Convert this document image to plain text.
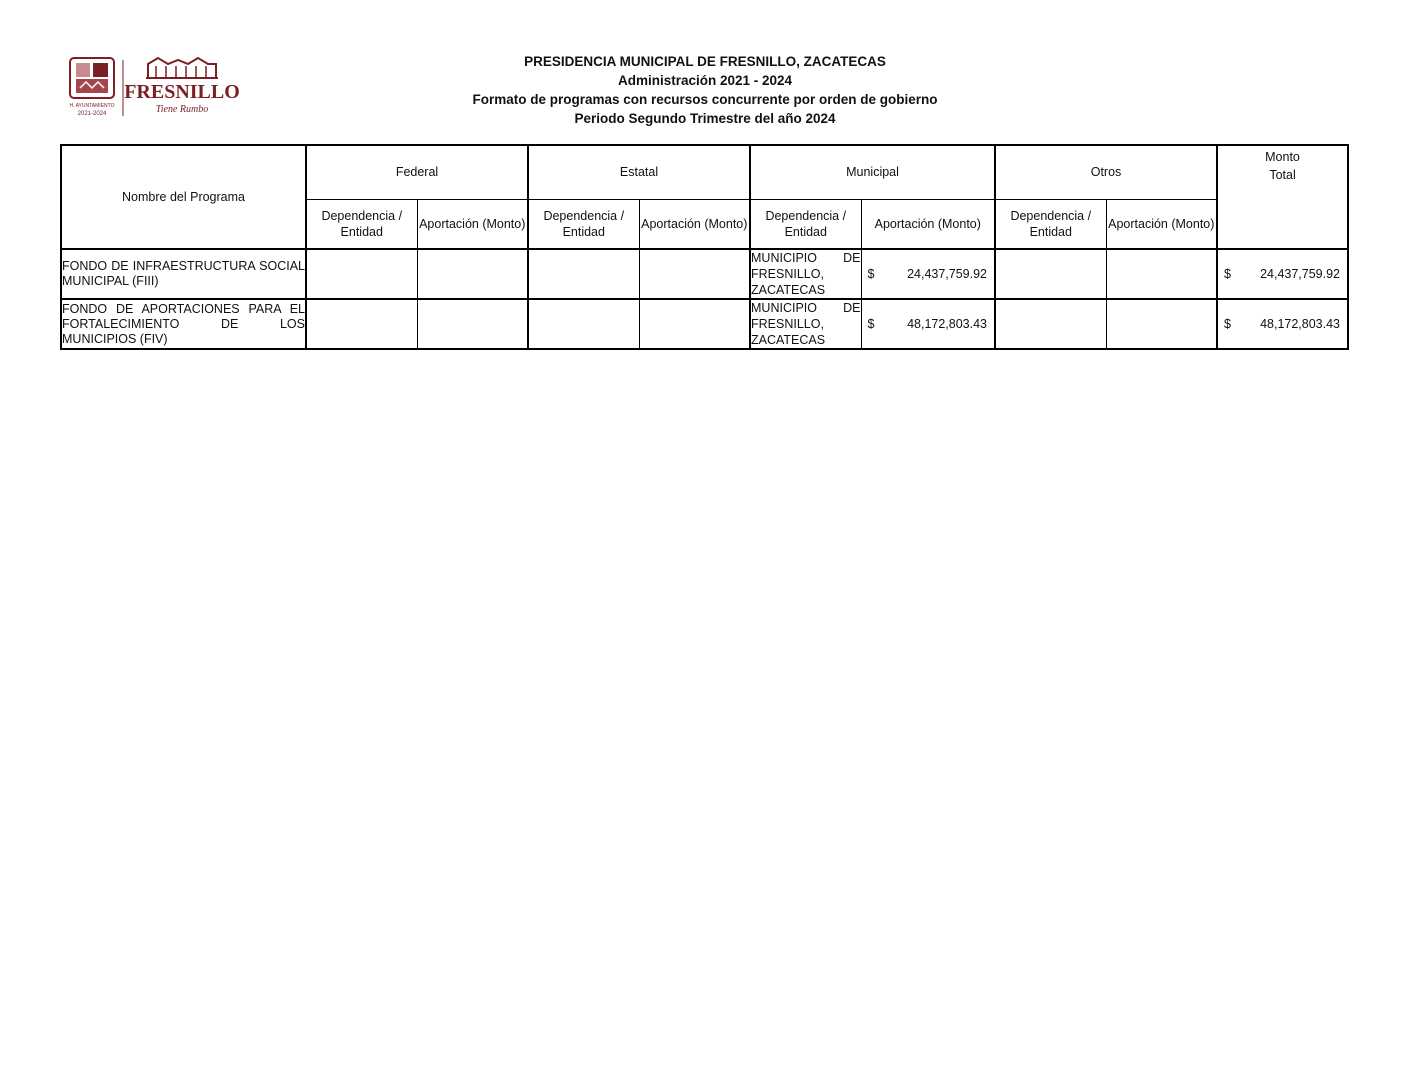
H. AYUNTAMIENTO
2021-2024
FRESNILLO
Tiene Rumbo
PRESIDENCIA MUNICIPAL DE FRESNILLO, ZACATECAS
Administración 2021 - 2024
Formato de programas con recursos concurrente por orden de gobierno
Periodo Segundo Trimestre del año 2024
Nombre del Programa	Federal		Estatal		Municipal		Otros		Monto
Total

	Dependencia / Entidad	Aportación (Monto)	Dependencia / Entidad	Aportación (Monto)	Dependencia / Entidad	Aportación (Monto)	Dependencia / Entidad	Aportación (Monto)	
FONDO DE INFRAESTRUCTURA SOCIAL MUNICIPAL (FIII)					MUNICIPIO DE FRESNILLO, ZACATECAS	$ 24,437,759.92			$ 24,437,759.92

FONDO DE APORTACIONES PARA EL FORTALECIMIENTO DE LOS MUNICIPIOS (FIV)					MUNICIPIO DE FRESNILLO, ZACATECAS	$ 48,172,803.43			$ 48,172,803.43
